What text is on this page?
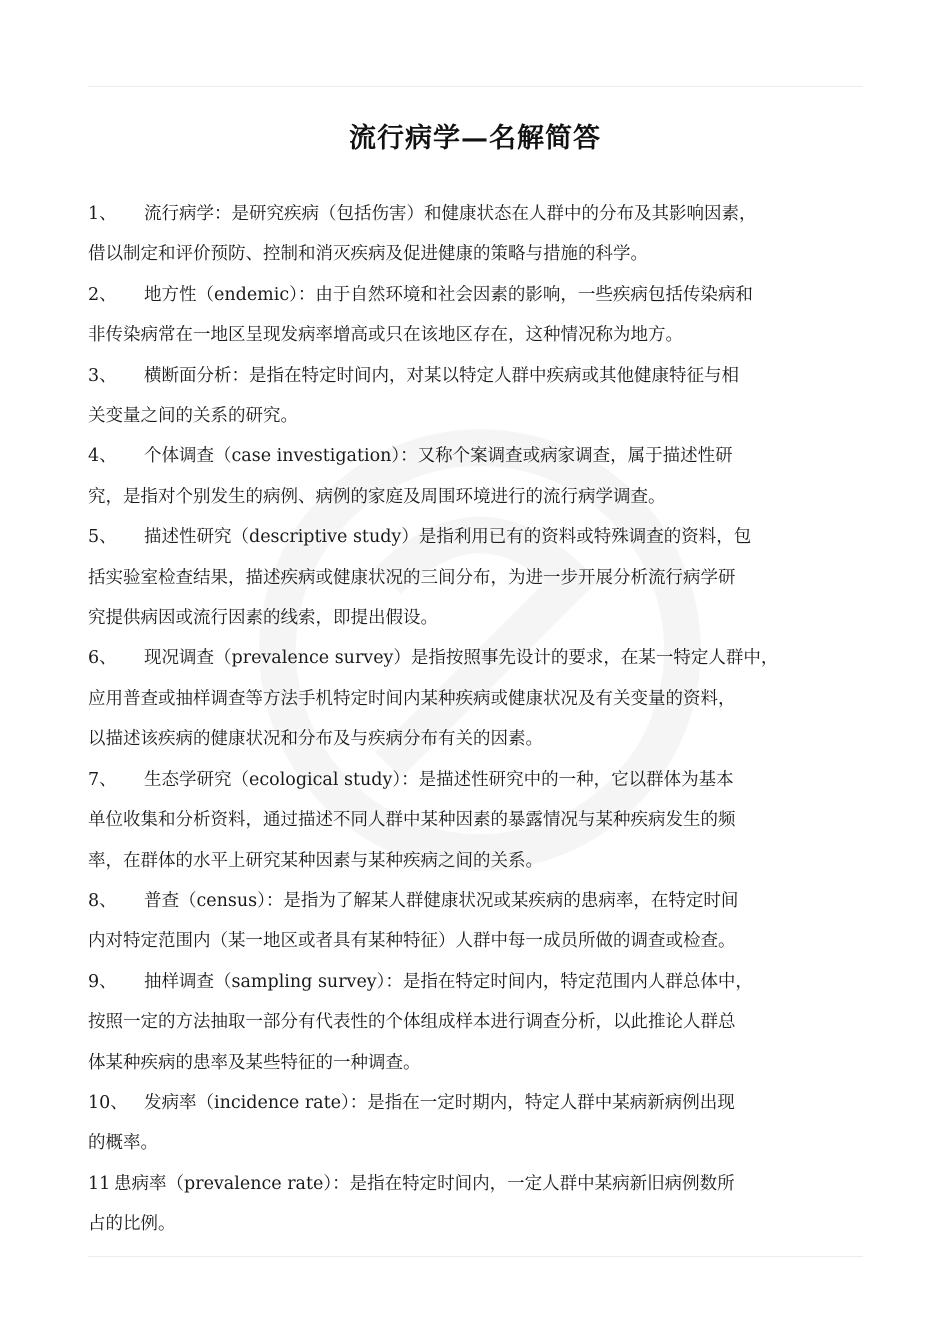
流行病学—名解简答
1、 流行病学：是研究疾病（包括伤害）和健康状态在人群中的分布及其影响因素，
借以制定和评价预防、控制和消灭疾病及促进健康的策略与措施的科学。
2、 地方性（endemic）：由于自然环境和社会因素的影响，一些疾病包括传染病和
非传染病常在一地区呈现发病率增高或只在该地区存在，这种情况称为地方。
3、 横断面分析：是指在特定时间内，对某以特定人群中疾病或其他健康特征与相
关变量之间的关系的研究。
4、 个体调查（case investigation）：又称个案调查或病家调查，属于描述性研
究，是指对个别发生的病例、病例的家庭及周围环境进行的流行病学调查。
5、 描述性研究（descriptive study）是指利用已有的资料或特殊调查的资料，包
括实验室检查结果，描述疾病或健康状况的三间分布，为进一步开展分析流行病学研
究提供病因或流行因素的线索，即提出假设。
6、 现况调查（prevalence survey）是指按照事先设计的要求，在某一特定人群中，
应用普查或抽样调查等方法手机特定时间内某种疾病或健康状况及有关变量的资料，
以描述该疾病的健康状况和分布及与疾病分布有关的因素。
7、 生态学研究（ecological study）：是描述性研究中的一种，它以群体为基本
单位收集和分析资料，通过描述不同人群中某种因素的暴露情况与某种疾病发生的频
率，在群体的水平上研究某种因素与某种疾病之间的关系。
8、 普查（census）：是指为了解某人群健康状况或某疾病的患病率，在特定时间
内对特定范围内（某一地区或者具有某种特征）人群中每一成员所做的调查或检查。
9、 抽样调查（sampling survey）：是指在特定时间内，特定范围内人群总体中，
按照一定的方法抽取一部分有代表性的个体组成样本进行调查分析，以此推论人群总
体某种疾病的患率及某些特征的一种调查。
10、 发病率（incidence rate）：是指在一定时期内，特定人群中某病新病例出现
的概率。
11 患病率（prevalence rate）：是指在特定时间内，一定人群中某病新旧病例数所
占的比例。
